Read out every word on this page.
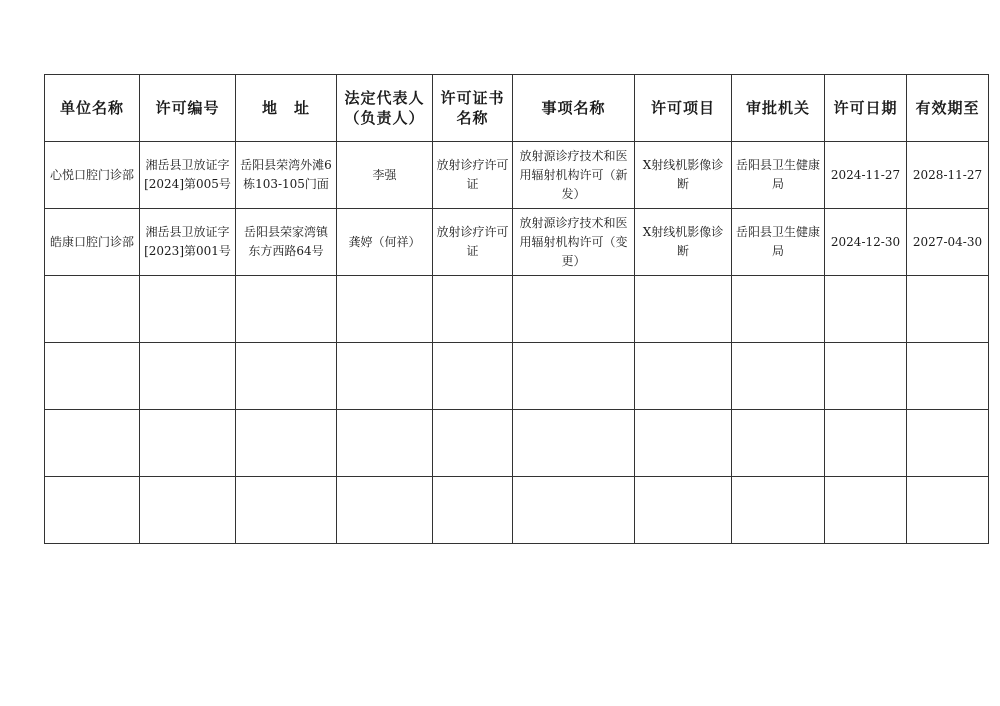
单位名称	许可编号	地　址	法定代表人（负责人）	许可证书名称	事项名称	许可项目	审批机关	许可日期	有效期至
心悦口腔门诊部	湘岳县卫放证字[2024]第005号	岳阳县荣湾外滩6栋103-105门面	李强	放射诊疗许可证	放射源诊疗技术和医用辐射机构许可（新发）	X射线机影像诊断	岳阳县卫生健康局	2024-11-27	2028-11-27
皓康口腔门诊部	湘岳县卫放证字[2023]第001号	岳阳县荣家湾镇东方西路64号	龚婷（何祥）	放射诊疗许可证	放射源诊疗技术和医用辐射机构许可（变更）	X射线机影像诊断	岳阳县卫生健康局	2024-12-30	2027-04-30
